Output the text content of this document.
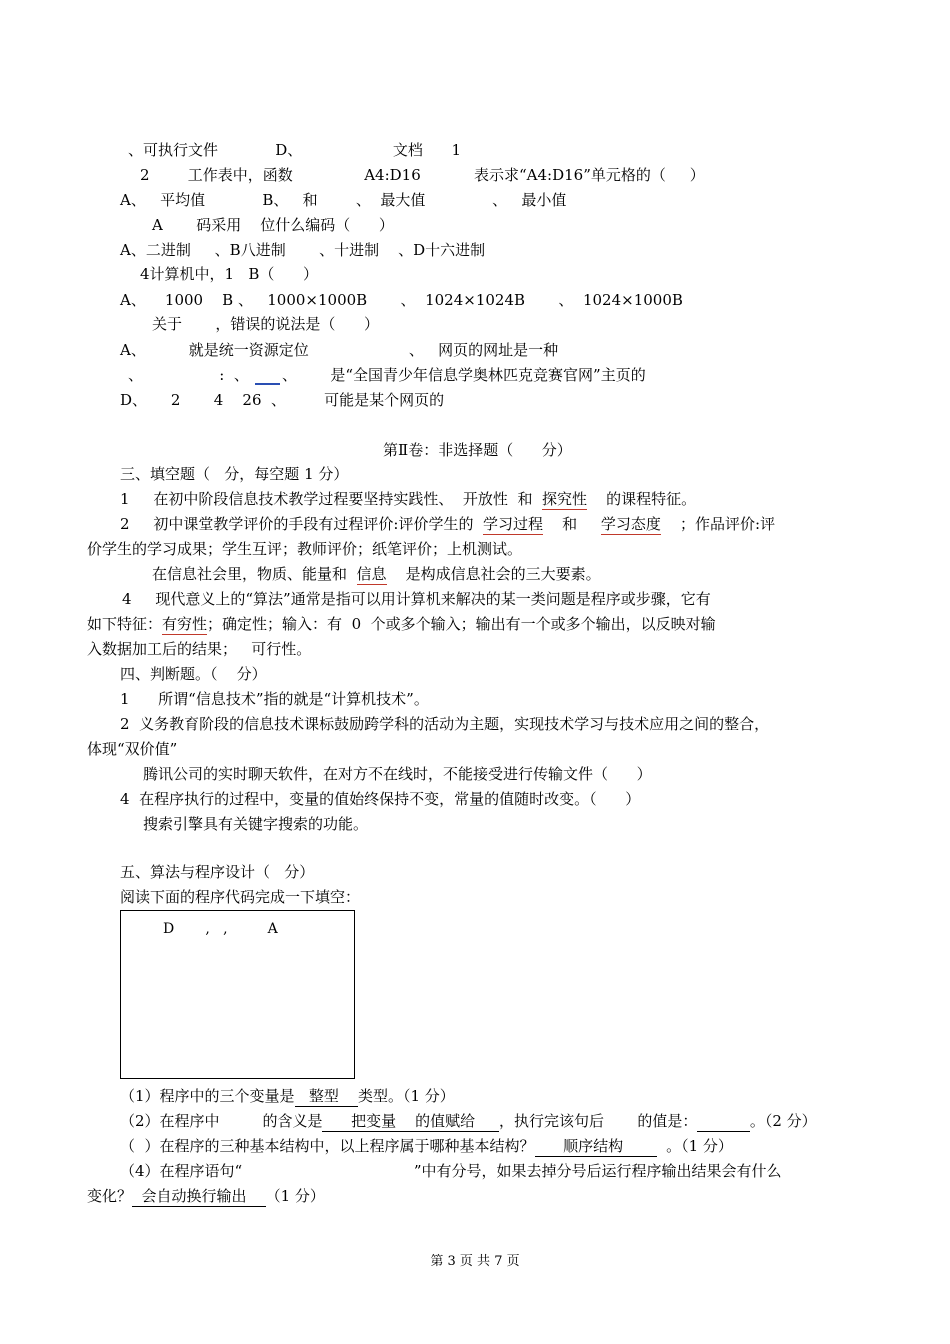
、可执行文件            D、                   文档      1
2        工作表中，函数               A4:D16	表示求“A4:D16”单元格的（     ）
A、   平均值            B、   和        、  最大值              、   最小值
A       码采用    位什么编码（      ）
A、二进制     、B八进制       、十进制    、D十六进制
4计算机中，1   B（      ）
A、    1000    B 、   1000×1000B       、  1024×1024B       、  1024×1000B
关于       ，错误的说法是（      ）
A、         就是统一资源定位                     、   网页的网址是一种
、                :  、 、       是“全国青少年信息学奥林匹克竞赛官网”主页的
D、     2       4    26  、        可能是某个网页的
第Ⅱ卷：非选择题（      分）
三、填空题（   分，每空题 1 分）
1     在初中阶段信息技术教学过程要坚持实践性、  开放性  和  探究性    的课程特征。
2     初中课堂教学评价的手段有过程评价:评价学生的  学习过程    和     学习态度    ；作品评价:评
价学生的学习成果；学生互评；教师评价；纸笔评价；上机测试。
在信息社会里，物质、能量和  信息    是构成信息社会的三大要素。
4     现代意义上的“算法”通常是指可以用计算机来解决的某一类问题是程序或步骤，它有
如下特征：有穷性；确定性；输入：有  0  个或多个输入；输出有一个或多个输出，以反映对输
入数据加工后的结果；   可行性。
四、判断题。（    分）
1      所谓“信息技术”指的就是“计算机技术”。
2  义务教育阶段的信息技术课标鼓励跨学科的活动为主题，实现技术学习与技术应用之间的整合，
体现“双价值”
腾讯公司的实时聊天软件，在对方不在线时，不能接受进行传输文件（      ）
4  在程序执行的过程中，变量的值始终保持不变，常量的值随时改变。（      ）
搜索引擎具有关键字搜索的功能。
五、算法与程序设计（   分）
阅读下面的程序代码完成一下填空：
D       ,   ,         A
（1）程序中的三个变量是   整型    类型。（1 分）
（2）在程序中         的含义是      把变量    的值赋给     ，执行完该句后       的值是：	。（2 分）
（  ）在程序的三种基本结构中，以上程序属于哪种基本结构？      顺序结构         。（1 分）
（4）在程序语句“                                    ”中有分号，如果去掉分号后运行程序输出结果会有什么
变化？  会自动换行输出    （1 分）
第 3 页 共 7 页
